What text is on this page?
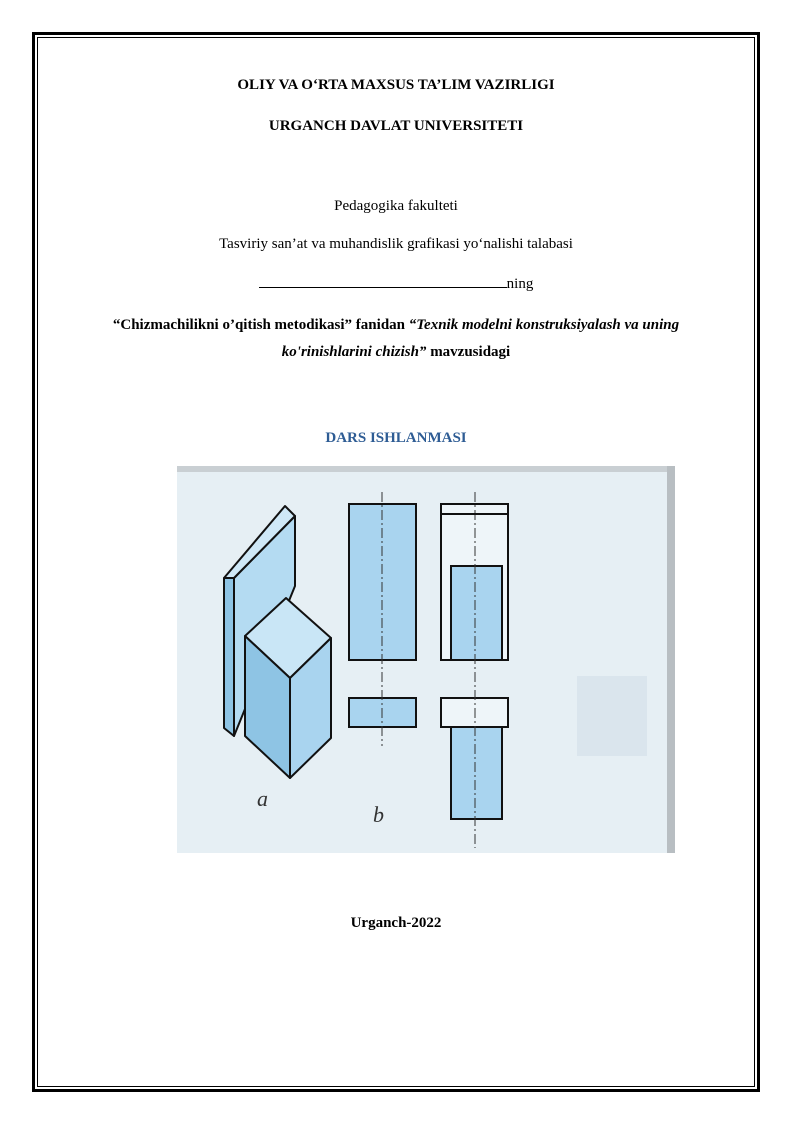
OLIY VA O‘RTA MAXSUS TA’LIM VAZIRLIGI
URGANCH DAVLAT UNIVERSITETI
Pedagogika fakulteti
Tasviriy san’at va muhandislik grafikasi yo‘nalishi talabasi
ning
“Chizmachilikni o’qitish metodikasi” fanidan “Texnik modelni konstruksiyalash va uning
ko'rinishlarini chizish” mavzusidagi
DARS ISHLANMASI
a
b
Urganch-2022
